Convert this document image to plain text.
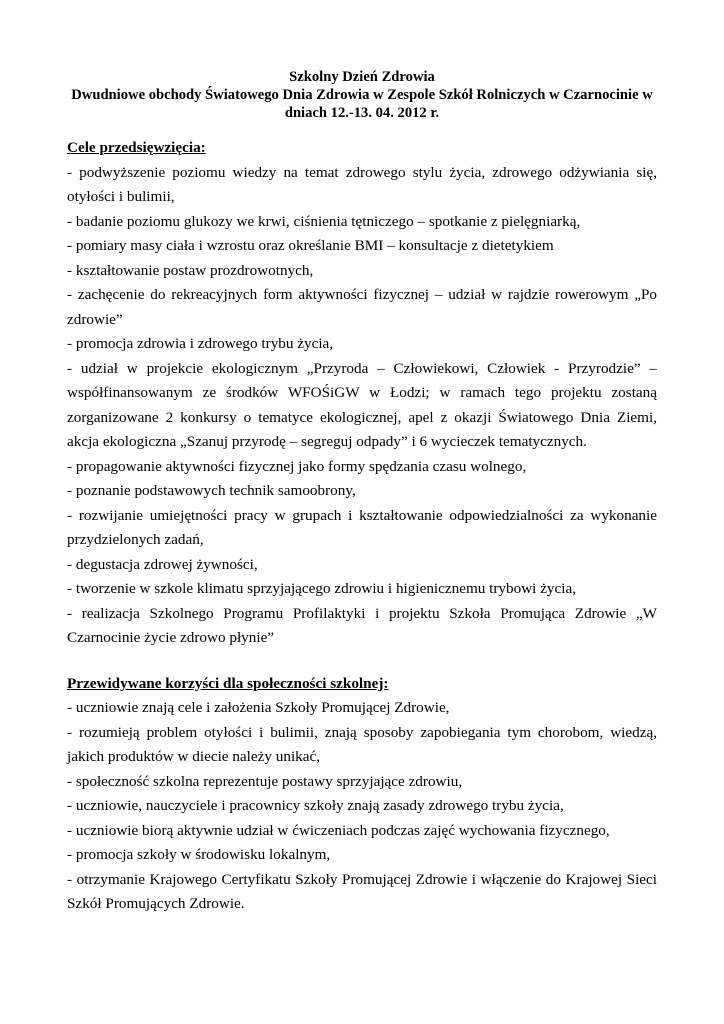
Szkolny Dzień Zdrowia
Dwudniowe obchody Światowego Dnia Zdrowia w Zespole Szkół Rolniczych w Czarnocinie w
dniach 12.-13. 04. 2012 r.
Cele przedsięwzięcia:
- podwyższenie poziomu wiedzy na temat zdrowego stylu życia, zdrowego odżywiania się, otyłości i bulimii,
- badanie poziomu glukozy we krwi, ciśnienia tętniczego – spotkanie z pielęgniarką,
- pomiary masy ciała i wzrostu oraz określanie BMI – konsultacje z dietetykiem
- kształtowanie postaw prozdrowotnych,
- zachęcenie do rekreacyjnych form aktywności fizycznej – udział w rajdzie rowerowym „Po zdrowie”
- promocja zdrowia i zdrowego trybu życia,
- udział w projekcie ekologicznym „Przyroda – Człowiekowi, Człowiek - Przyrodzie” – współfinansowanym ze środków WFOŚiGW w Łodzi; w ramach tego projektu zostaną zorganizowane 2 konkursy o tematyce ekologicznej, apel z okazji Światowego Dnia Ziemi, akcja ekologiczna „Szanuj przyrodę – segreguj odpady” i 6 wycieczek tematycznych.
- propagowanie aktywności fizycznej jako formy spędzania czasu wolnego,
- poznanie podstawowych technik samoobrony,
- rozwijanie umiejętności pracy w grupach i kształtowanie odpowiedzialności za wykonanie przydzielonych zadań,
- degustacja zdrowej żywności,
- tworzenie w szkole klimatu sprzyjającego zdrowiu i higienicznemu trybowi życia,
- realizacja Szkolnego Programu Profilaktyki i projektu Szkoła Promująca Zdrowie „W Czarnocinie życie zdrowo płynie”
Przewidywane korzyści dla społeczności szkolnej:
- uczniowie znają cele i założenia Szkoły Promującej Zdrowie,
- rozumieją problem otyłości i bulimii, znają sposoby zapobiegania tym chorobom, wiedzą, jakich produktów w diecie należy unikać,
- społeczność szkolna reprezentuje postawy sprzyjające zdrowiu,
- uczniowie, nauczyciele i pracownicy szkoły znają zasady zdrowego trybu życia,
- uczniowie biorą aktywnie udział w ćwiczeniach podczas zajęć wychowania fizycznego,
- promocja szkoły w środowisku lokalnym,
- otrzymanie Krajowego Certyfikatu Szkoły Promującej Zdrowie i włączenie do Krajowej Sieci Szkół Promujących Zdrowie.
